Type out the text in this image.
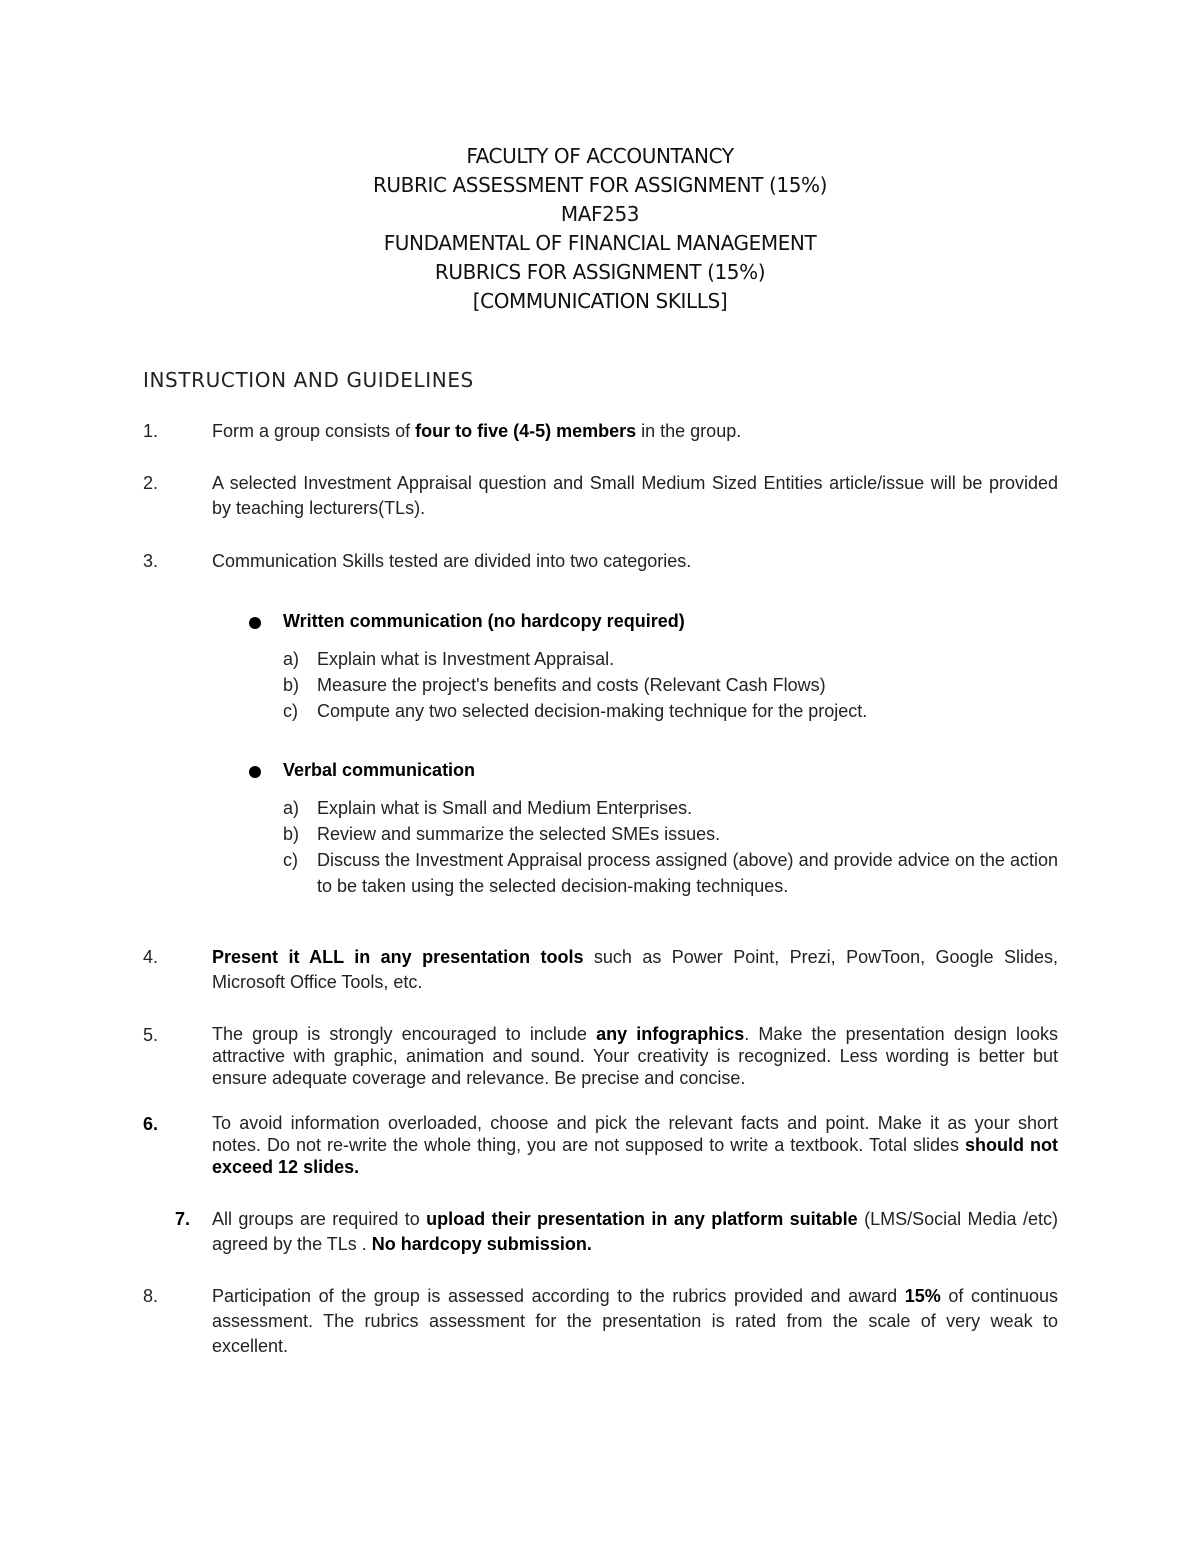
FACULTY OF ACCOUNTANCY
RUBRIC ASSESSMENT FOR ASSIGNMENT (15%)
MAF253
FUNDAMENTAL OF FINANCIAL MANAGEMENT
RUBRICS FOR ASSIGNMENT (15%)
[COMMUNICATION SKILLS]
INSTRUCTION AND GUIDELINES
1.	Form a group consists of four to five (4-5) members in the group.
2.	A selected Investment Appraisal question and Small Medium Sized Entities article/issue will be provided by teaching lecturers(TLs).
3.	Communication Skills tested are divided into two categories.
Written communication (no hardcopy required)
a) Explain what is Investment Appraisal.
b) Measure the project's benefits and costs (Relevant Cash Flows)
c) Compute any two selected decision-making technique for the project.
Verbal communication
a) Explain what is Small and Medium Enterprises.
b) Review and summarize the selected SMEs issues.
c) Discuss the Investment Appraisal process assigned (above) and provide advice on the action to be taken using the selected decision-making techniques.
4.	Present it ALL in any presentation tools such as Power Point, Prezi, PowToon, Google Slides, Microsoft Office Tools, etc.
5.	The group is strongly encouraged to include any infographics. Make the presentation design looks attractive with graphic, animation and sound. Your creativity is recognized. Less wording is better but ensure adequate coverage and relevance. Be precise and concise.
6.	To avoid information overloaded, choose and pick the relevant facts and point. Make it as your short notes. Do not re-write the whole thing, you are not supposed to write a textbook. Total slides should not exceed 12 slides.
7. All groups are required to upload their presentation in any platform suitable (LMS/Social Media /etc) agreed by the TLs . No hardcopy submission.
8.	Participation of the group is assessed according to the rubrics provided and award 15% of continuous assessment. The rubrics assessment for the presentation is rated from the scale of very weak to excellent.
